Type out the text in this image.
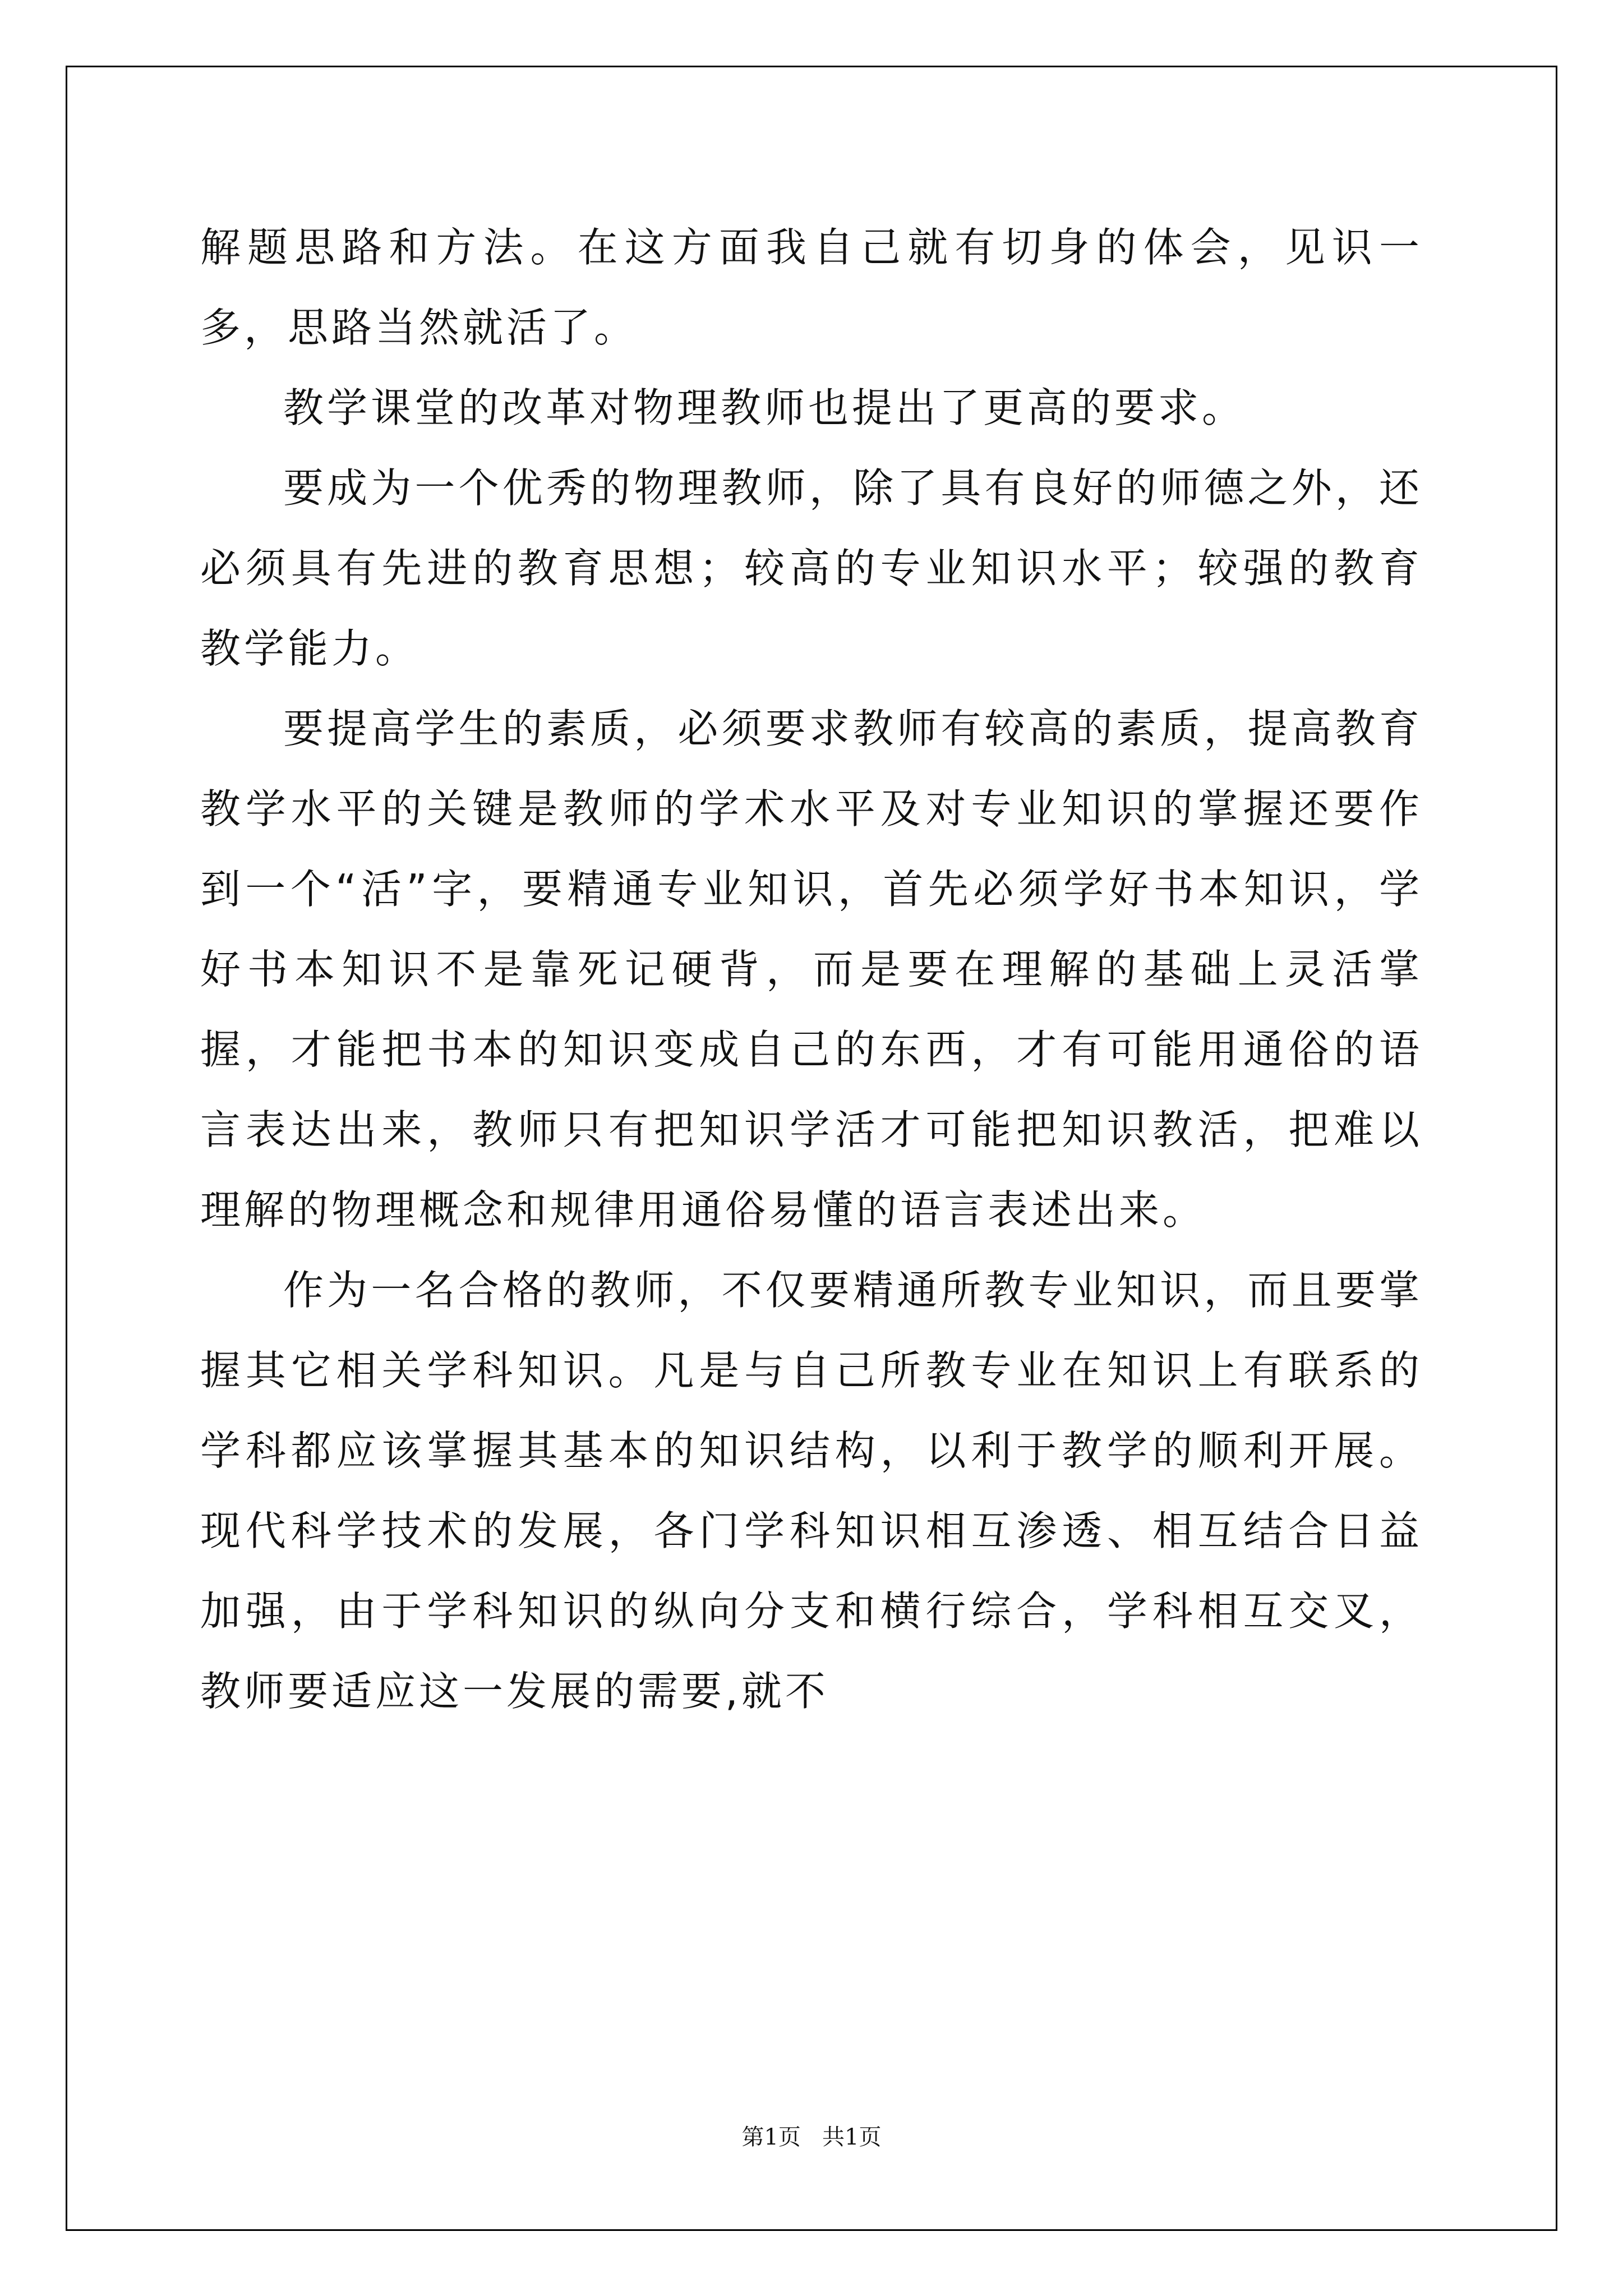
解题思路和方法。在这方面我自己就有切身的体会，见识一多，思路当然就活了。

教学课堂的改革对物理教师也提出了更高的要求。

要成为一个优秀的物理教师，除了具有良好的师德之外，还必须具有先进的教育思想；较高的专业知识水平；较强的教育教学能力。

要提高学生的素质，必须要求教师有较高的素质，提高教育教学水平的关键是教师的学术水平及对专业知识的掌握还要作到一个“活”字，要精通专业知识，首先必须学好书本知识，学好书本知识不是靠死记硬背，而是要在理解的基础上灵活掌握，才能把书本的知识变成自己的东西，才有可能用通俗的语言表达出来，教师只有把知识学活才可能把知识教活，把难以理解的物理概念和规律用通俗易懂的语言表述出来。

作为一名合格的教师，不仅要精通所教专业知识，而且要掌握其它相关学科知识。凡是与自己所教专业在知识上有联系的学科都应该掌握其基本的知识结构，以利于教学的顺利开展。现代科学技术的发展，各门学科知识相互渗透、相互结合日益加强，由于学科知识的纵向分支和横行综合，学科相互交叉，教师要适应这一发展的需要,就不

第1页   共1页
